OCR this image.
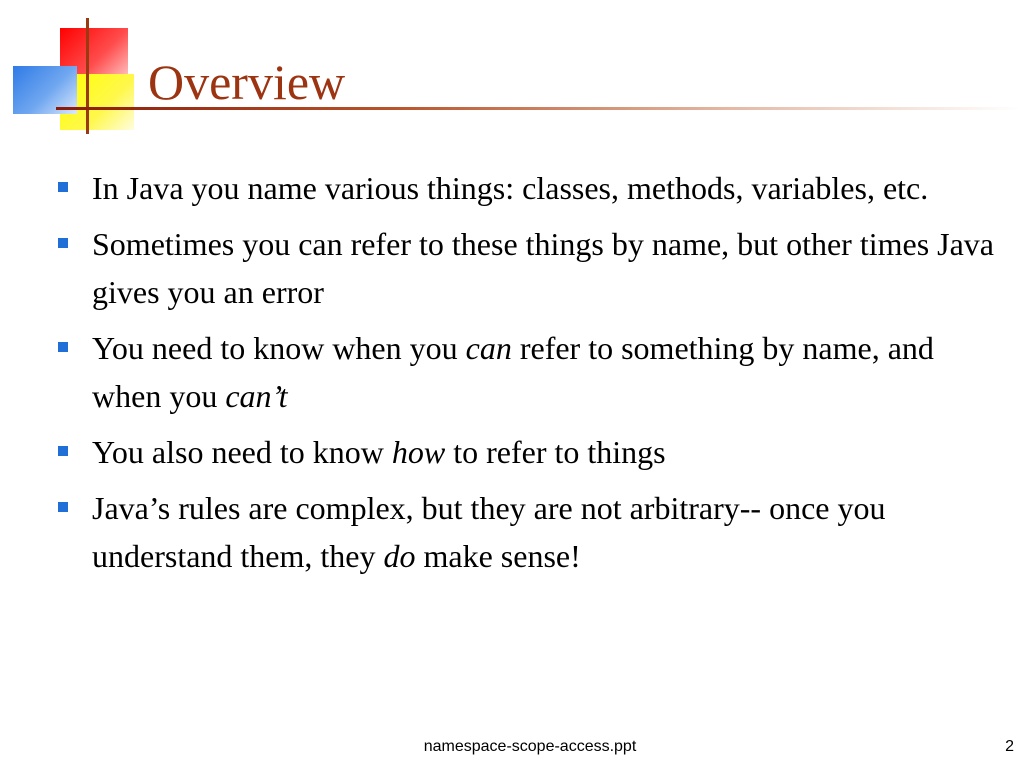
Overview
In Java you name various things: classes, methods, variables, etc.
Sometimes you can refer to these things by name, but other times Java gives you an error
You need to know when you can refer to something by name, and when you can’t
You also need to know how to refer to things
Java’s rules are complex, but they are not arbitrary-- once you understand them, they do make sense!
namespace-scope-access.ppt	2
